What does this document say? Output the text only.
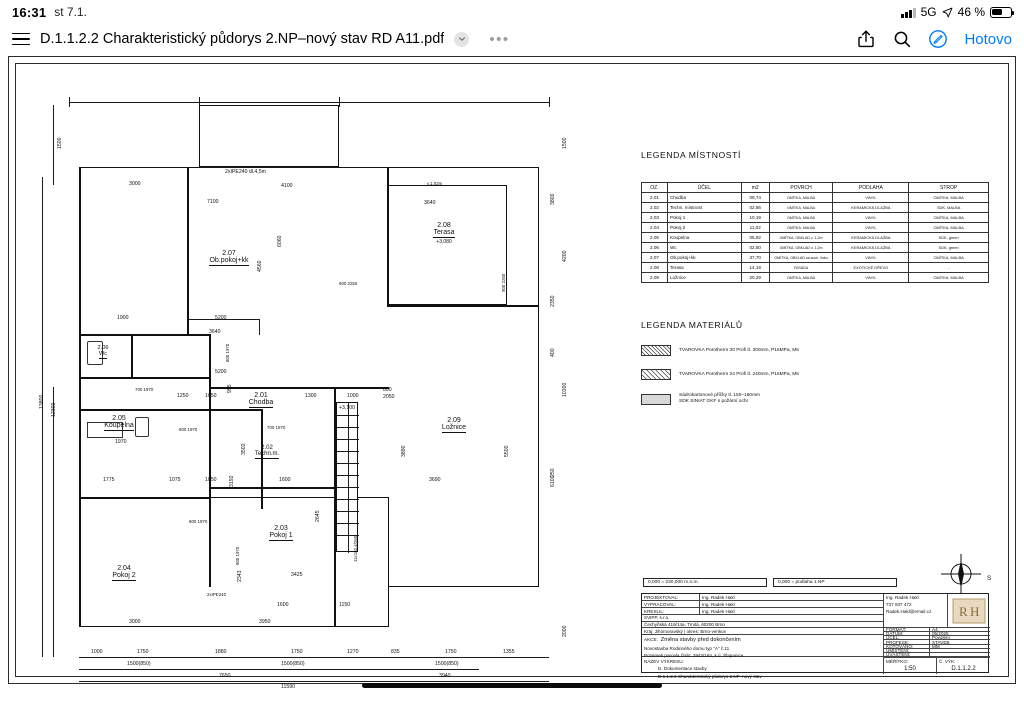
16:31 st 7.1.	5G 46 %
D.1.1.2.2 Charakteristický půdorys 2.NP–nový stav RD A11.pdf	•••	Hotovo
1500	1500
3800
4200
2350
400
10300
6100
250
2000
13800
12300
11x182,4/260
2xIPE240 dl.4,5m
2xIPE240
v.1,02m
2.07
Ob.pokoj+kk
2.08
Terasa
+3,080
2.06
Wc
2.05
Koupelna
2.01
Chodba
+3,100
2.09
Ložnice
2.02
Techn.m.
2.03
Pokoj 1
2.04
Pokoj 2
3000
7100
4100
3640
6060
4560
5200
3640
1900
5200
1250	1050
995
1300	1000
800
2050
3502
3192
1075	1050
1775	1600
3890
3690
5500
2645
3425
2343
1600	1150
3950
3000
1970
900 2250
800 1970
700 1970
800 1970
900 2250
700 1970
800 1970
800 1970
1000	1750	1880	1750	1270	835	1750	1355
1500(850)	1500(850)	1500(850)
7650	3940
11590
LEGENDA MÍSTNOSTÍ
OZ.	ÚČEL	m2	POVRCH	PODLAHA	STROP
2.01	Chodba	09,74	OMÍTKA, MALBA	VINYL	OMÍTKA, MALBA
2.02	Techn. místnost	02,56	OMÍTKA, MALBA	KERAMICKÁ DLAŽBA	SDK, MALBA
2.03	Pokoj 1	10,19	OMÍTKA, MALBA	VINYL	OMÍTKA, MALBA
2.04	Pokoj 2	11,02	OMÍTKA, MALBA	VINYL	OMÍTKA, MALBA
2.05	Koupelna	05,92	OMÍTKA, OBKLAD v. 1,2m	KERAMICKÁ DLAŽBA	SDK, green
2.06	Wc	02,50	OMÍTKA, OBKLAD v. 1,2m	KERAMICKÁ DLAŽBA	SDK, green
2.07	Ob.pokoj+kk	37,70	OMÍTKA, OBKLAD za kuch. linku	VINYL	OMÍTKA, MALBA
2.08	Terasa	14,19	FASÁDA	EXOTICKÉ DŘEVO	-
2.09	Ložnice	20,29	OMÍTKA, MALBA	VINYL	OMÍTKA, MALBA
LEGENDA MATERIÁLŮ
TVAROVKA Porotherm 30 Profi tl. 300mm, P15MPa, M5
TVAROVKA Porotherm 24 Profi tl. 240mm, P15MPa, M5
Sádrokartonové příčky tl. 150–160mm
SDK SINIAT GKF s požární ochr.
S
0,000 = 230,000 m.n.m.	0,000 = podlaha 1.NP
PROJEKTOVAL:	Ing. Radek Hakl
VYPRACOVAL:	Ing. Radek Hakl
KRESLIL:	Ing. Radek Hakl
SVIPP, s.r.o.
Čechyňská 419/14a, Trnitá, 60200 Brno
Ing. Radek Hakl
737 937 472
Radek.Hakl@email.cz	R H
Kraj: Jihomoravský | okres: Brno-venkov
AKCE: Změna stavby před dokončením
Novostavba Rodinného domu typ "A" č.11
Pozemek parcela číslo: 2943/164, k.ú. Šlapanice
NÁZEV VÝKRESU:
D. Dokumentace stavby
D.1.1.2.2 Charakteristický půdorys 2.NP–nový stav
FORMÁT:	A4
DATUM:	05/2025
ÚČEL:	Povolení
PROFESE:	STAVEB.
KÓTOVÁNO:	MM
UMÍSTĚNÍ:
UVÁŠTĚNÍ:
MĚŘÍTKO:
1:50
Č. VÝK:
D.1.1.2.2
